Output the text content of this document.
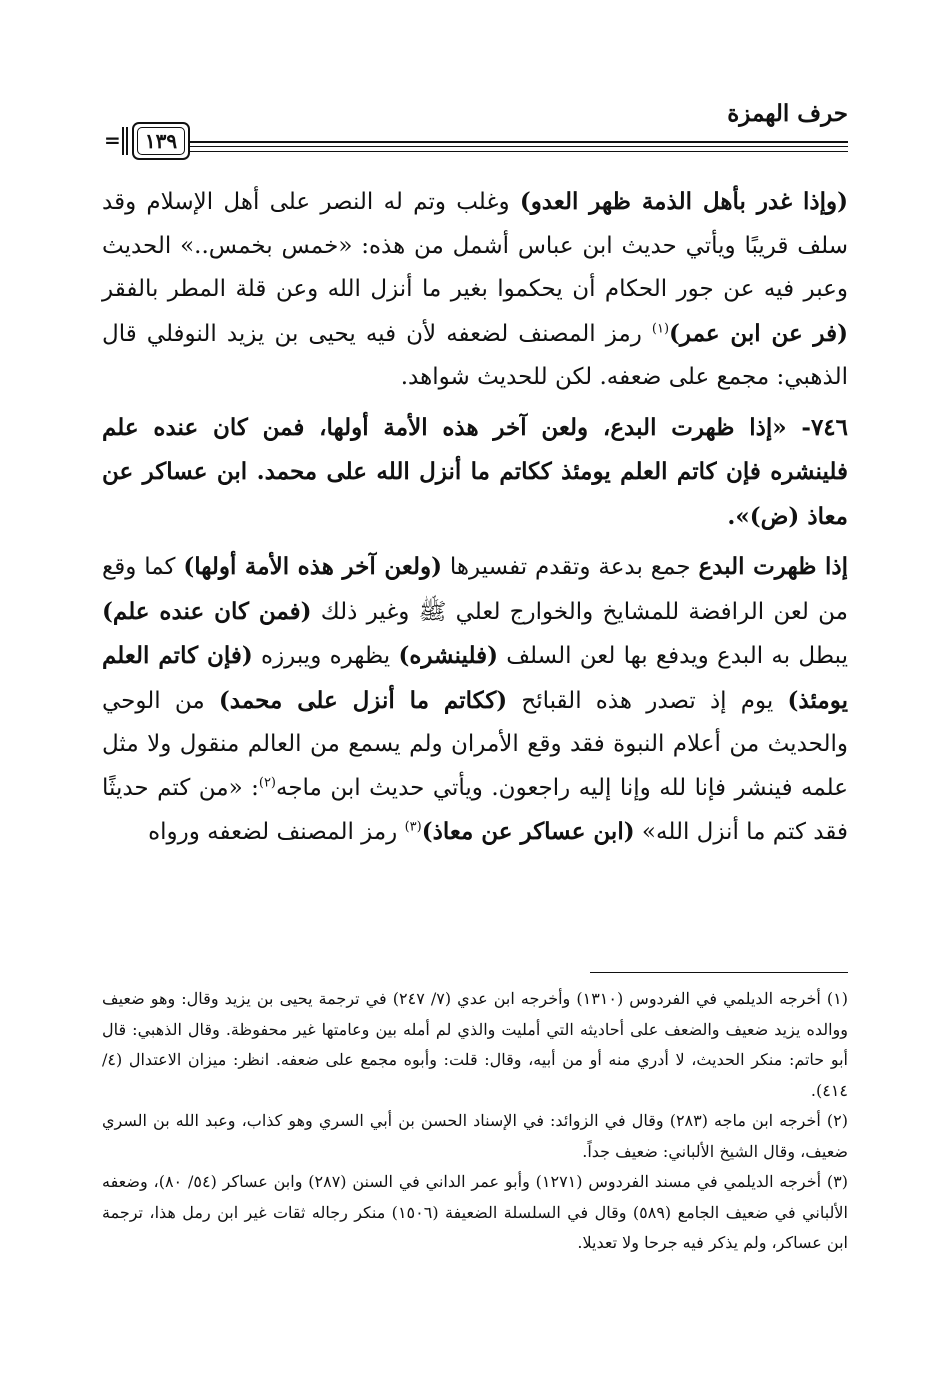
حرف الهمزة
١٣٩
=

(وإذا غدر بأهل الذمة ظهر العدو) وغلب وتم له النصر على أهل الإسلام وقد سلف قريبًا ويأتي حديث ابن عباس أشمل من هذه: «خمس بخمس..» الحديث وعبر فيه عن جور الحكام أن يحكموا بغير ما أنزل الله وعن قلة المطر بالفقر (فر عن ابن عمر)$^{(١)}$ رمز المصنف لضعفه لأن فيه يحيى بن يزيد النوفلي قال الذهبي: مجمع على ضعفه. لكن للحديث شواهد.

٧٤٦- «إذا ظهرت البدع، ولعن آخر هذه الأمة أولها، فمن كان عنده علم فلينشره فإن كاتم العلم يومئذ ككاتم ما أنزل الله على محمد. ابن عساكر عن معاذ (ض)».

إذا ظهرت البدع جمع بدعة وتقدم تفسيرها (ولعن آخر هذه الأمة أولها) كما وقع من لعن الرافضة للمشايخ والخوارج لعلي ﷺ وغير ذلك (فمن كان عنده علم) يبطل به البدع ويدفع بها لعن السلف (فلينشره) يظهره ويبرزه (فإن كاتم العلم يومئذ) يوم إذ تصدر هذه القبائح (ككاتم ما أنزل على محمد) من الوحي والحديث من أعلام النبوة فقد وقع الأمران ولم يسمع من العالم منقول ولا مثل علمه فينشر فإنا لله وإنا إليه راجعون. ويأتي حديث ابن ماجه$^{(٢)}$: «من كتم حديثًا فقد كتم ما أنزل الله» (ابن عساكر عن معاذ)$^{(٣)}$ رمز المصنف لضعفه ورواه

(١) أخرجه الديلمي في الفردوس (١٣١٠) وأخرجه ابن عدي (٧/ ٢٤٧) في ترجمة يحيى بن يزيد وقال: وهو ضعيف ووالده يزيد ضعيف والضعف على أحاديثه التي أمليت والذي لم أمله بين وعامتها غير محفوظة. وقال الذهبي: قال أبو حاتم: منكر الحديث، لا أدري منه أو من أبيه، وقال: قلت: وأبوه مجمع على ضعفه. انظر: ميزان الاعتدال (٤/ ٤١٤).

(٢) أخرجه ابن ماجه (٢٨٣) وقال في الزوائد: في الإسناد الحسن بن أبي السري وهو كذاب، وعبد الله بن السري ضعيف، وقال الشيخ الألباني: ضعيف جداً.

(٣) أخرجه الديلمي في مسند الفردوس (١٢٧١) وأبو عمر الداني في السنن (٢٨٧) وابن عساكر (٥٤/ ٨٠)، وضعفه الألباني في ضعيف الجامع (٥٨٩) وقال في السلسلة الضعيفة (١٥٠٦) منكر رجاله ثقات غير ابن رمل هذا، ترجمة ابن عساكر، ولم يذكر فيه جرحا ولا تعديلا.
